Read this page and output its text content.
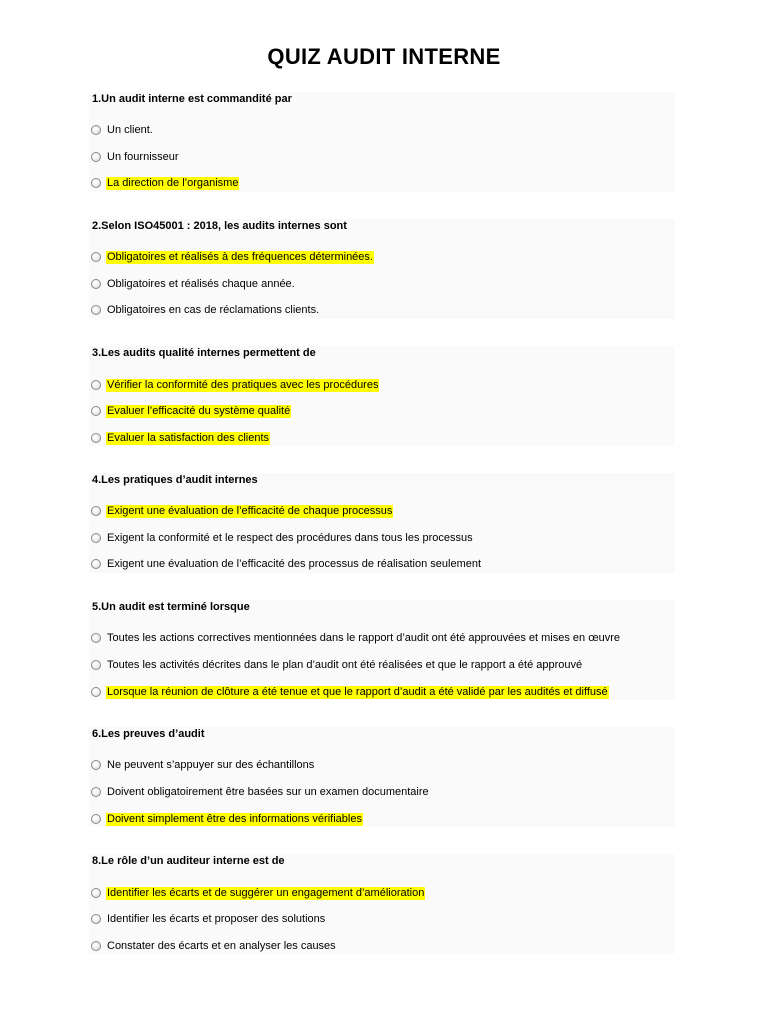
QUIZ AUDIT INTERNE
1.Un audit interne est commandité par
Un client.
Un fournisseur
La direction de l’organisme
2.Selon ISO45001 : 2018, les audits internes sont
Obligatoires et réalisés à des fréquences déterminées.
Obligatoires et réalisés chaque année.
Obligatoires en cas de réclamations clients.
3.Les audits qualité internes permettent de
Vérifier la conformité des pratiques avec les procédures
Evaluer l’efficacité du système qualité
Evaluer la satisfaction des clients
4.Les pratiques d’audit internes
Exigent une évaluation de l’efficacité de chaque processus
Exigent la conformité et le respect des procédures dans tous les processus
Exigent une évaluation de l’efficacité des processus de réalisation seulement
5.Un audit est terminé lorsque
Toutes les actions correctives mentionnées dans le rapport d’audit ont été approuvées et mises en œuvre
Toutes les activités décrites dans le plan d’audit ont été réalisées et que le rapport a été approuvé
Lorsque la réunion de clôture a été tenue et que le rapport d’audit a été validé par les audités et diffusé
6.Les preuves d’audit
Ne peuvent s’appuyer sur des échantillons
Doivent obligatoirement être basées sur un examen documentaire
Doivent simplement être des informations vérifiables
8.Le rôle d’un auditeur interne est de
Identifier les écarts et de suggérer un engagement d’amélioration
Identifier les écarts et proposer des solutions
Constater des écarts et en analyser les causes
